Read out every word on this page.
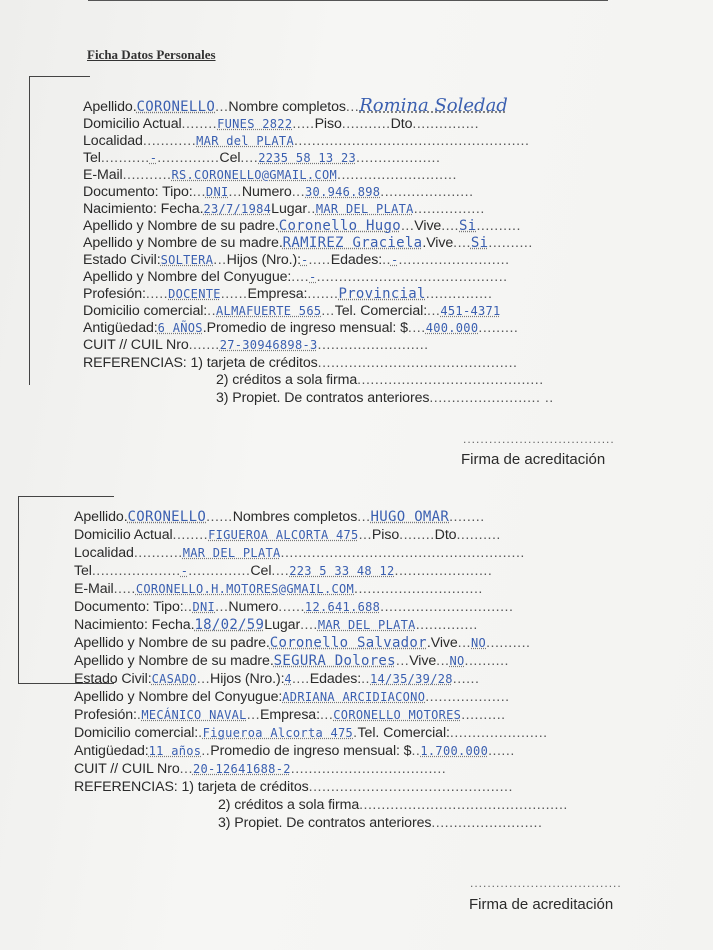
Ficha Datos Personales
Apellido.CORONELLO...Nombre completos...Romina Soledad
Domicilio Actual........FUNES 2822.....Piso...........Dto...............
Localidad............MAR del PLATA.....................................................
Tel...........-..............Cel....2235 58 13 23...................
E-Mail...........RS.CORONELLO@GMAIL.COM...........................
Documento: Tipo:...DNI...Numero...30.946.898.....................
Nacimiento: Fecha.23/7/1984Lugar..MAR DEL PLATA................
Apellido y Nombre de su padre.Coronello Hugo...Vive....Si..........
Apellido y Nombre de su madre.RAMIREZ Graciela.Vive....Si..........
Estado Civil:SOLTERA...Hijos (Nro.):-.....Edades:..-.........................
Apellido y Nombre del Conyugue:....-...........................................
Profesión:.....DOCENTE......Empresa:.......Provincial...............
Domicilio comercial:..ALMAFUERTE 565...Tel. Comercial:...451-4371
Antigüedad:6 AÑOS.Promedio de ingreso mensual: $....400.000.........
CUIT // CUIL Nro.......27-30946898-3.........................
REFERENCIAS: 1) tarjeta de créditos.............................................
2) créditos a sola firma..........................................
3) Propiet. De contratos anteriores......................... ..
...................................
Firma de acreditación
Apellido.CORONELLO......Nombres completos...HUGO OMAR........
Domicilio Actual........FIGUEROA ALCORTA 475...Piso........Dto..........
Localidad...........MAR DEL PLATA.......................................................
Tel....................-..............Cel....223 5 33 48 12......................
E-Mail.....CORONELLO.H.MOTORES@GMAIL.COM.............................
Documento: Tipo:..DNI...Numero......12.641.688..............................
Nacimiento: Fecha.18/02/59Lugar....MAR DEL PLATA..............
Apellido y Nombre de su padre.Coronello Salvador.Vive...NO..........
Apellido y Nombre de su madre.SEGURA Dolores...Vive...NO..........
Estado Civil:CASADO...Hijos (Nro.):4....Edades:..14/35/39/28......
Apellido y Nombre del Conyugue:ADRIANA ARCIDIACONO...................
Profesión:.MECÁNICO NAVAL...Empresa:...CORONELLO MOTORES..........
Domicilio comercial:.Figueroa Alcorta 475.Tel. Comercial:......................
Antigüedad:11 años..Promedio de ingreso mensual: $..1.700.000......
CUIT // CUIL Nro...20-12641688-2...................................
REFERENCIAS: 1) tarjeta de créditos..............................................
2) créditos a sola firma...............................................
3) Propiet. De contratos anteriores.........................
...................................
Firma de acreditación
